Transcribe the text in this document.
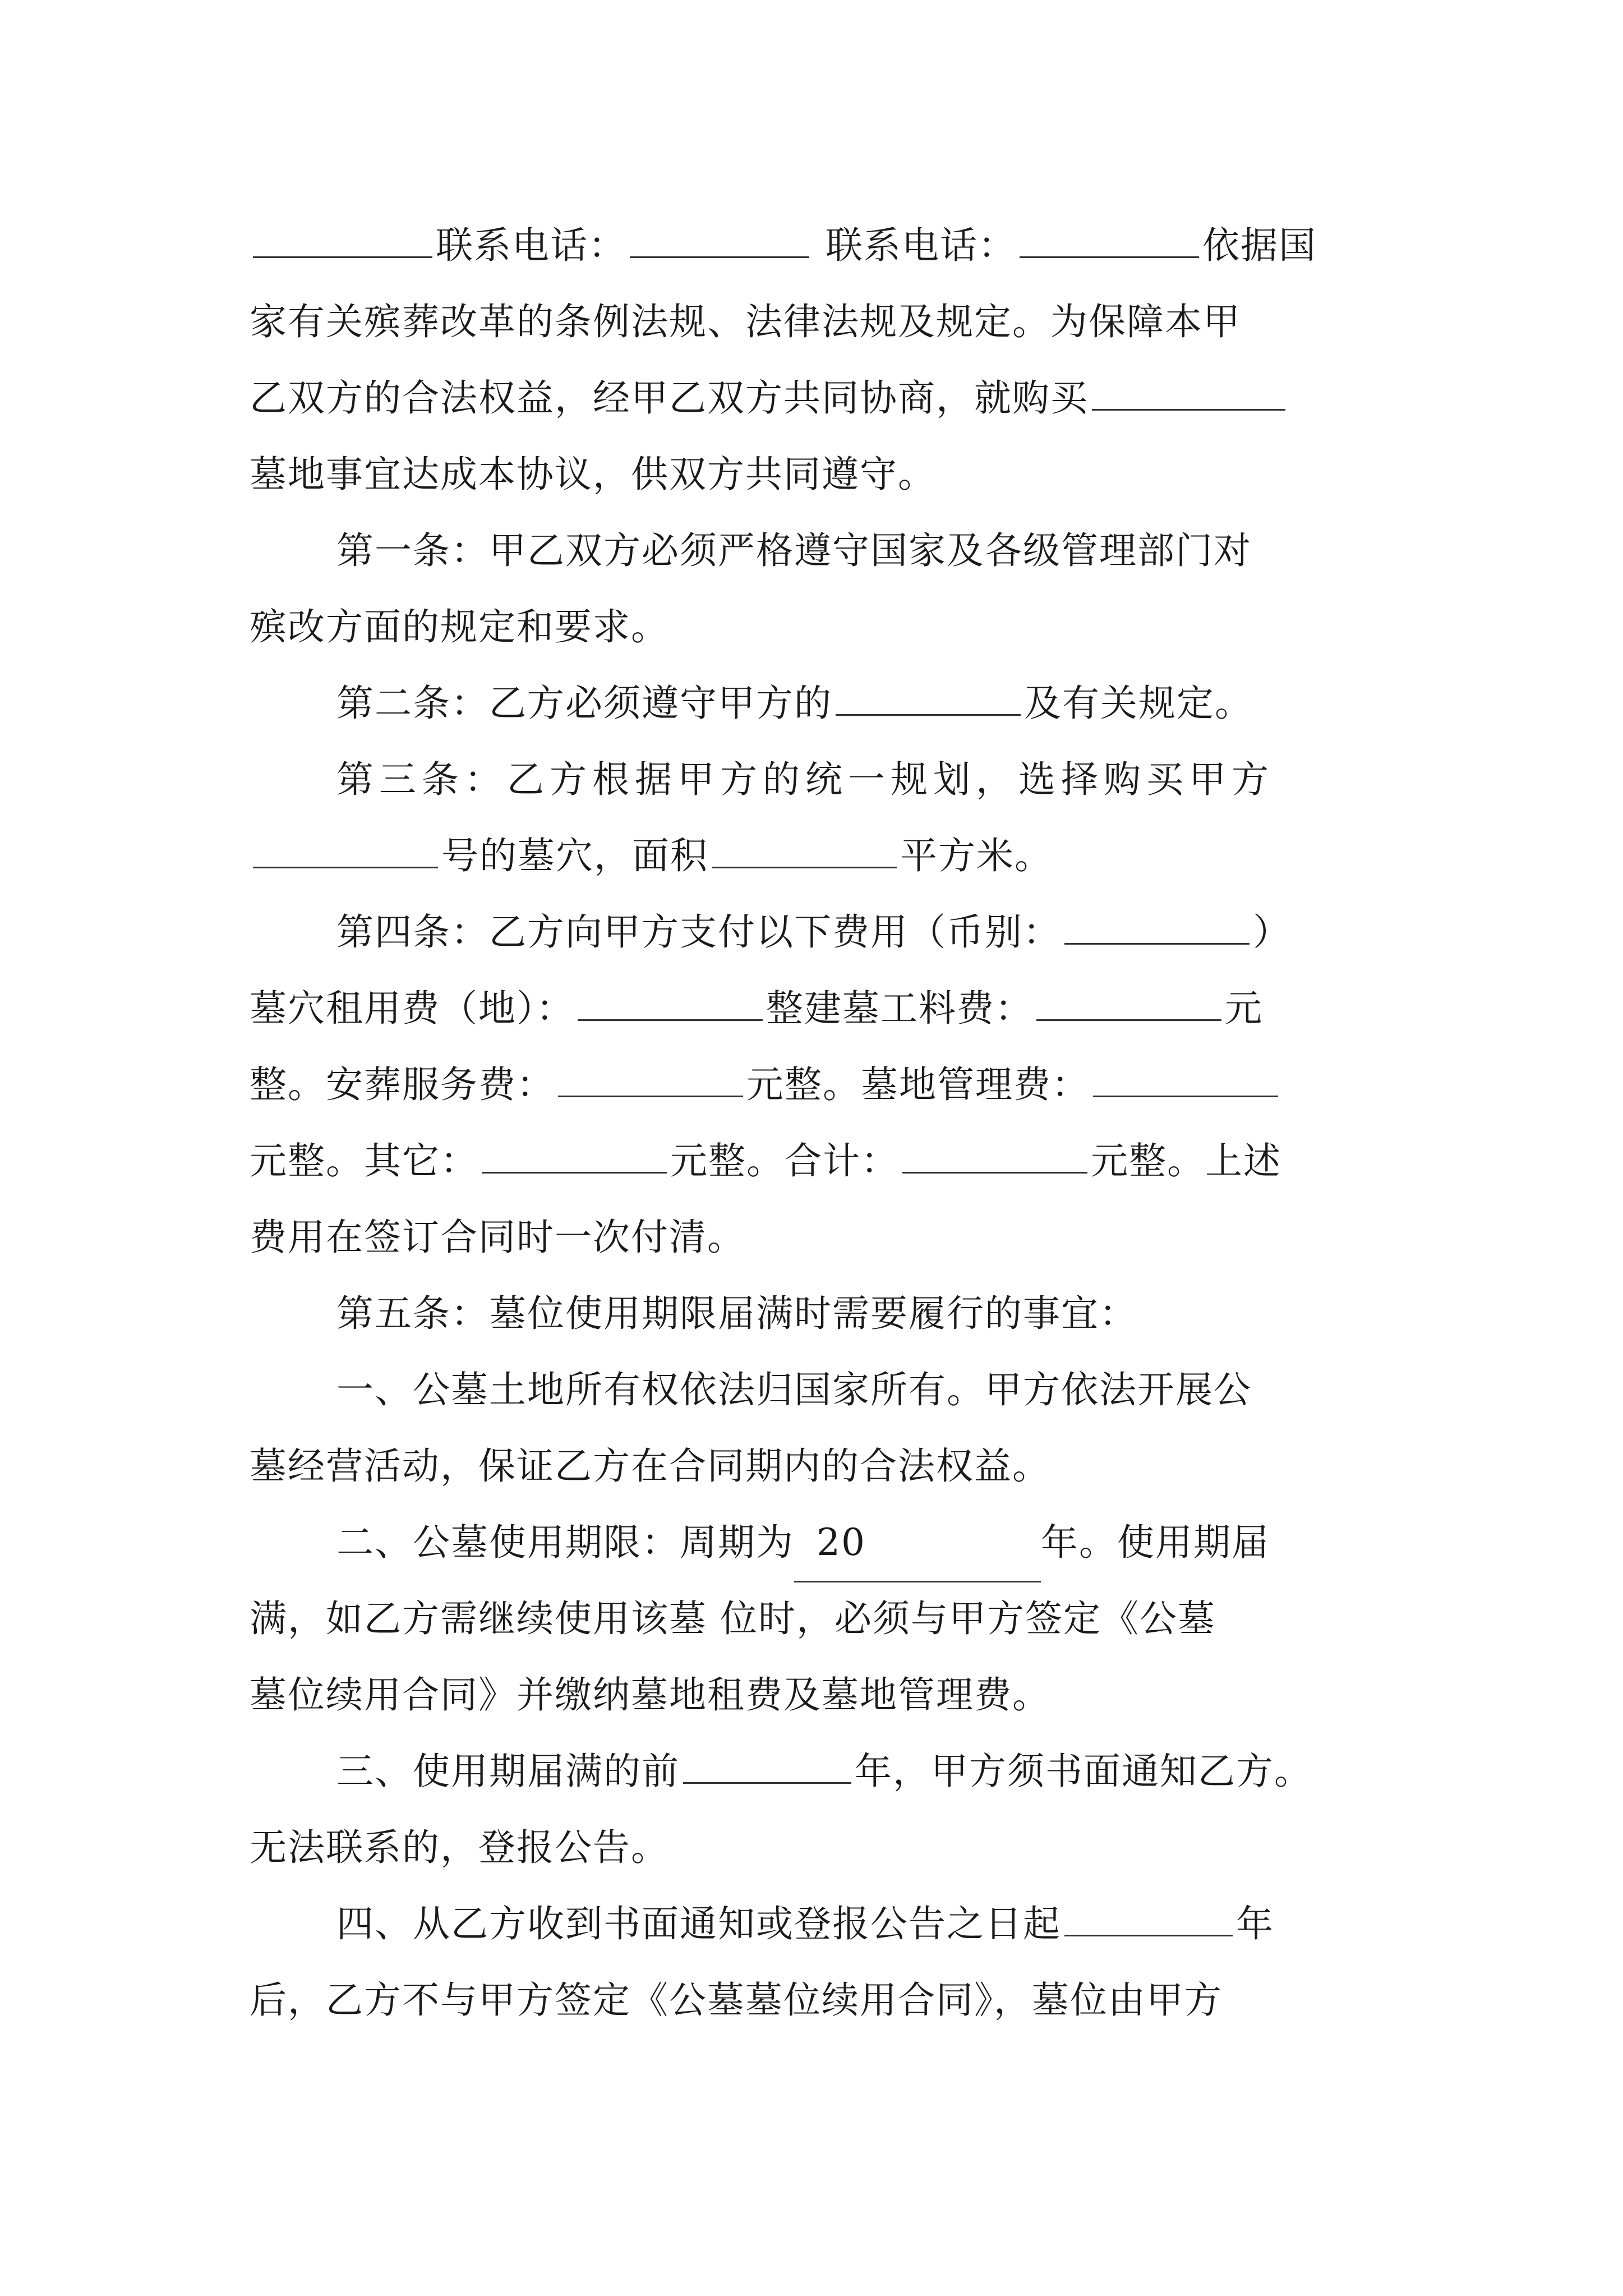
联系电话：	联系电话：	依据国
家有关殡葬改革的条例法规、法律法规及规定。为保障本甲
乙双方的合法权益，经甲乙双方共同协商，就购买
墓地事宜达成本协议，供双方共同遵守。
第一条：甲乙双方必须严格遵守国家及各级管理部门对
殡改方面的规定和要求。
第二条：乙方必须遵守甲方的	及有关规定。
第三条：乙方根据甲方的统一规划，选择购买甲方
号的墓穴，面积	平方米。
第四条：乙方向甲方支付以下费用（币别：	）
墓穴租用费（地）：	整建墓工料费：	元
整。安葬服务费：	元整。墓地管理费：
元整。其它：	元整。合计：	元整。上述
费用在签订合同时一次付清。
第五条：墓位使用期限届满时需要履行的事宜：
一、公墓土地所有权依法归国家所有。甲方依法开展公
墓经营活动，保证乙方在合同期内的合法权益。
二、公墓使用期限：周期为 20	年。使用期届
满，如乙方需继续使用该墓 位时，必须与甲方签定《公墓
墓位续用合同》并缴纳墓地租费及墓地管理费。
三、使用期届满的前	年，甲方须书面通知乙方。
无法联系的，登报公告。
四、从乙方收到书面通知或登报公告之日起	年
后，乙方不与甲方签定《公墓墓位续用合同》，墓位由甲方
